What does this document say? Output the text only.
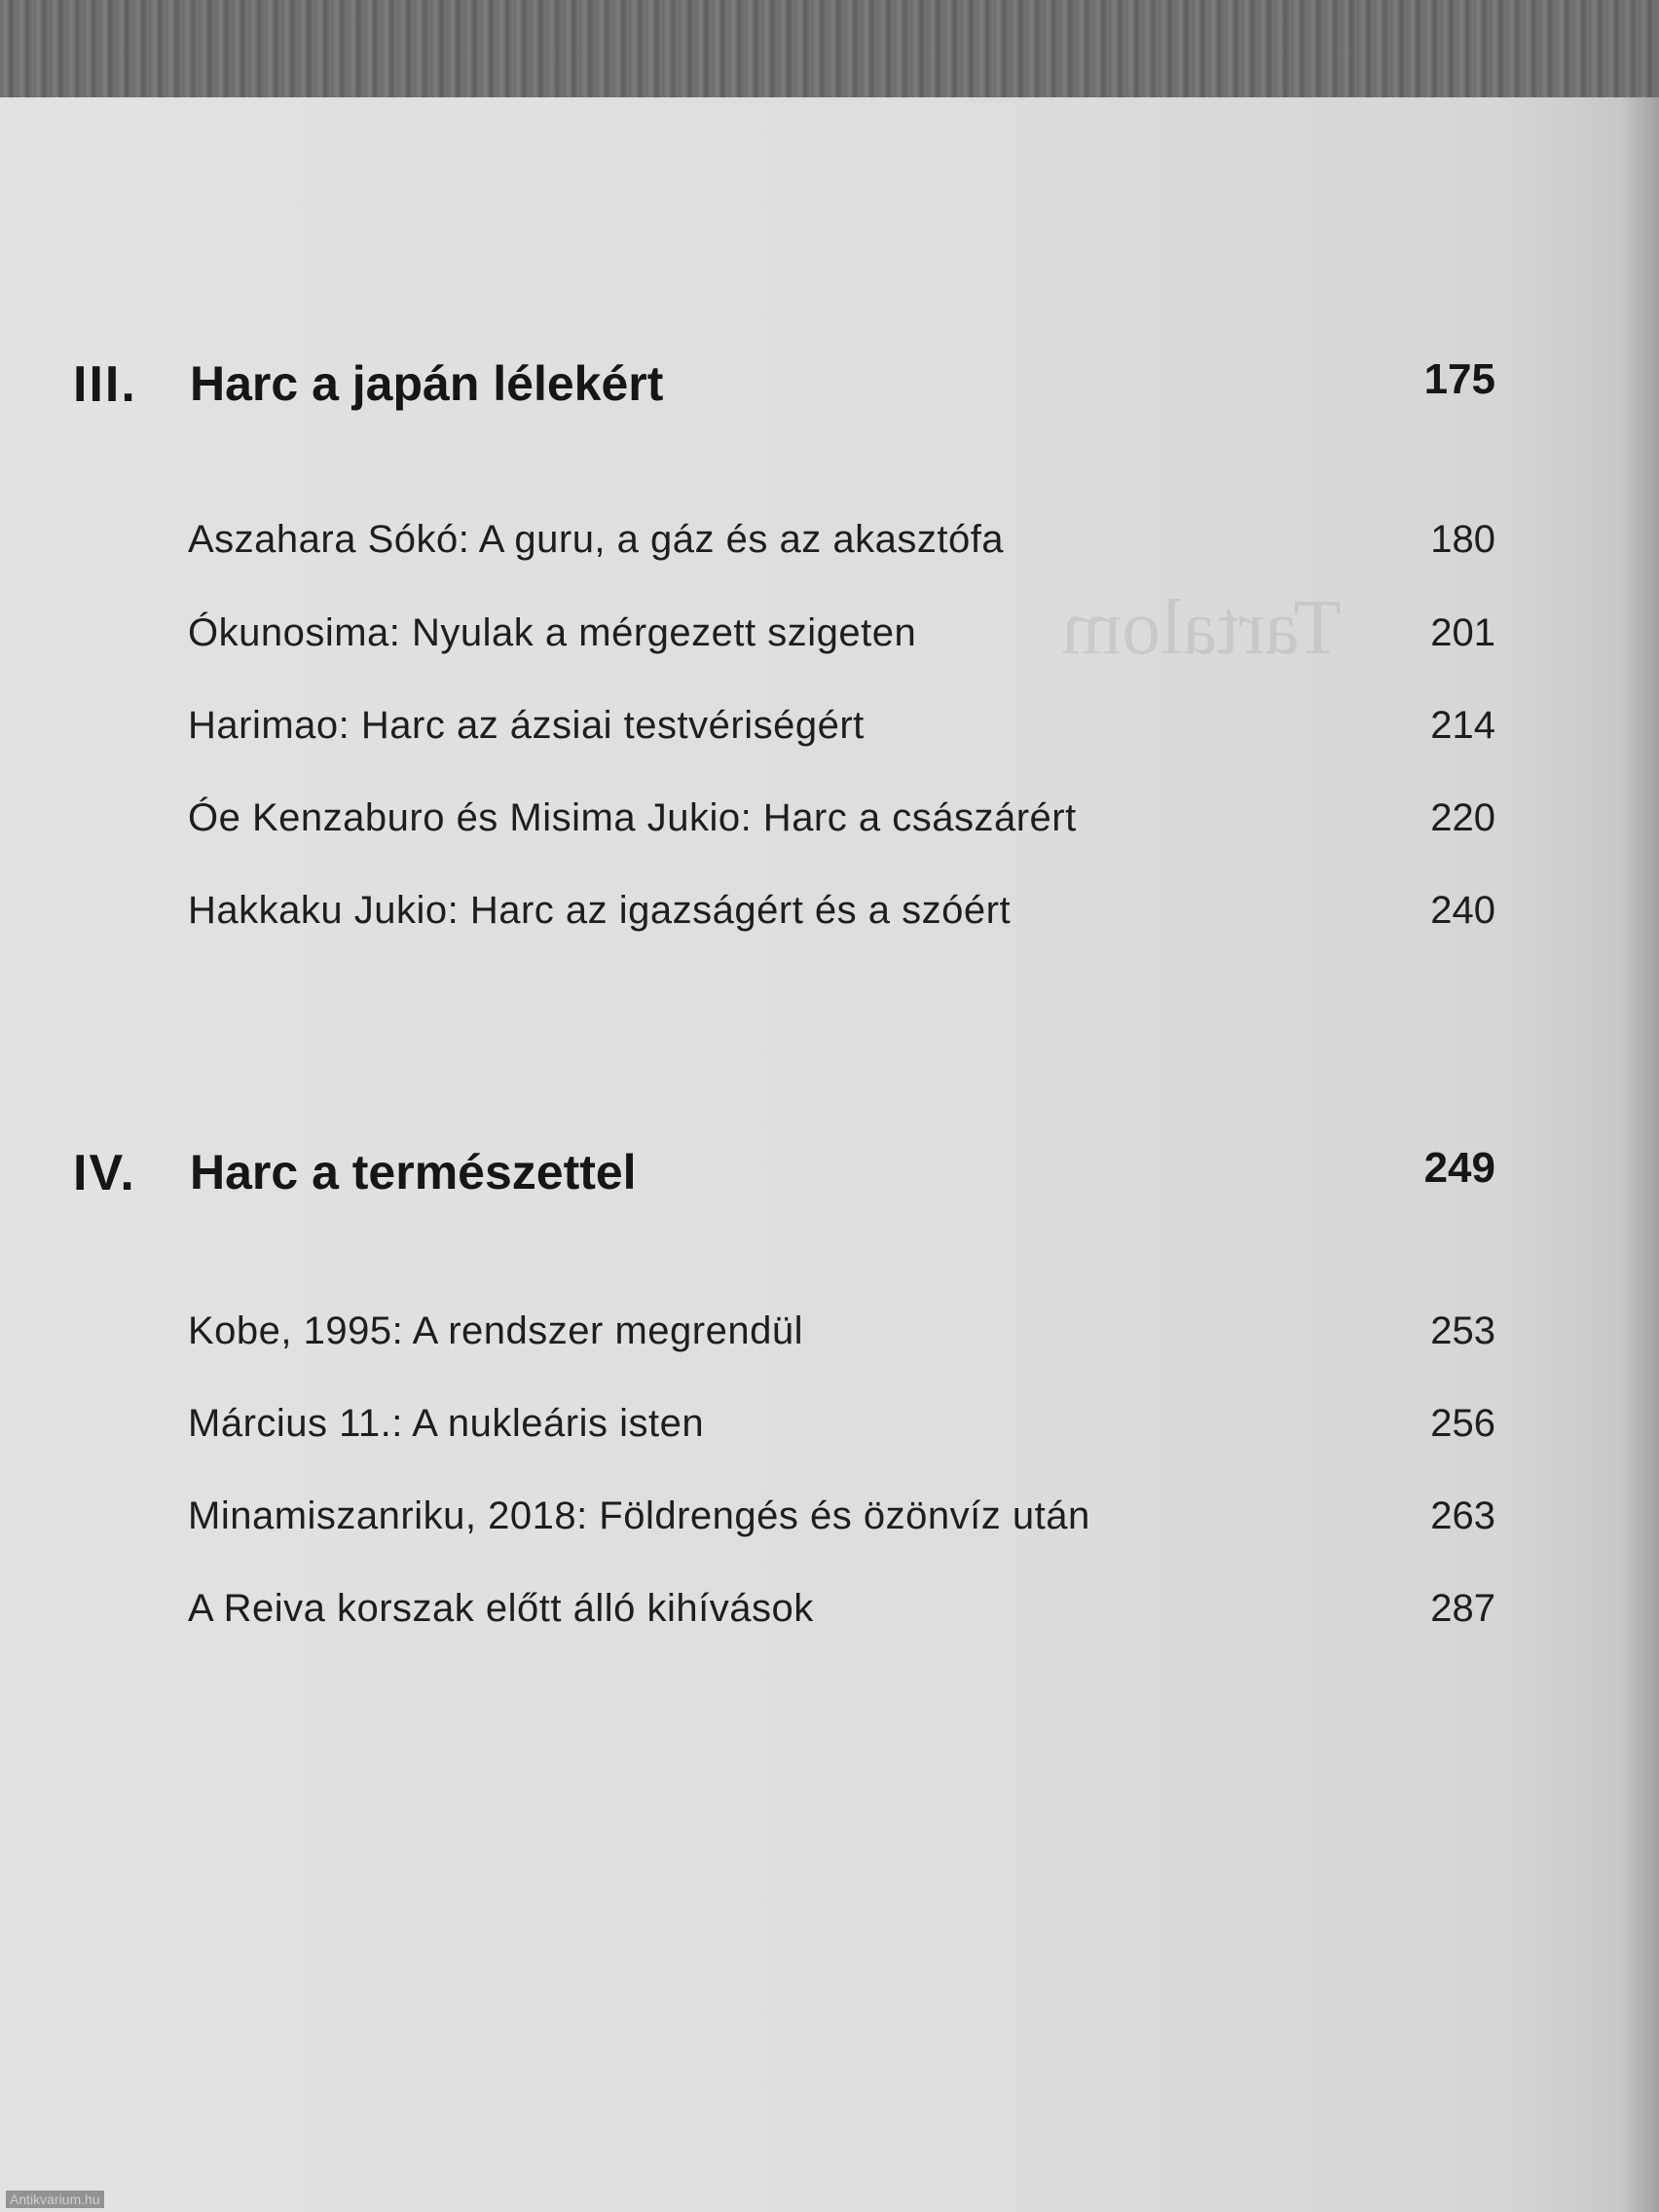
Tartalom
III. Harc a japán lélekért	175
Aszahara Sókó: A guru, a gáz és az akasztófa	180
Ókunosima: Nyulak a mérgezett szigeten	201
Harimao: Harc az ázsiai testvériségért	214
Óe Kenzaburo és Misima Jukio: Harc a császárért	220
Hakkaku Jukio: Harc az igazságért és a szóért	240
IV. Harc a természettel	249
Kobe, 1995: A rendszer megrendül	253
Március 11.: A nukleáris isten	256
Minamiszanriku, 2018: Földrengés és özönvíz után	263
A Reiva korszak előtt álló kihívások	287
Antikvarium.hu
